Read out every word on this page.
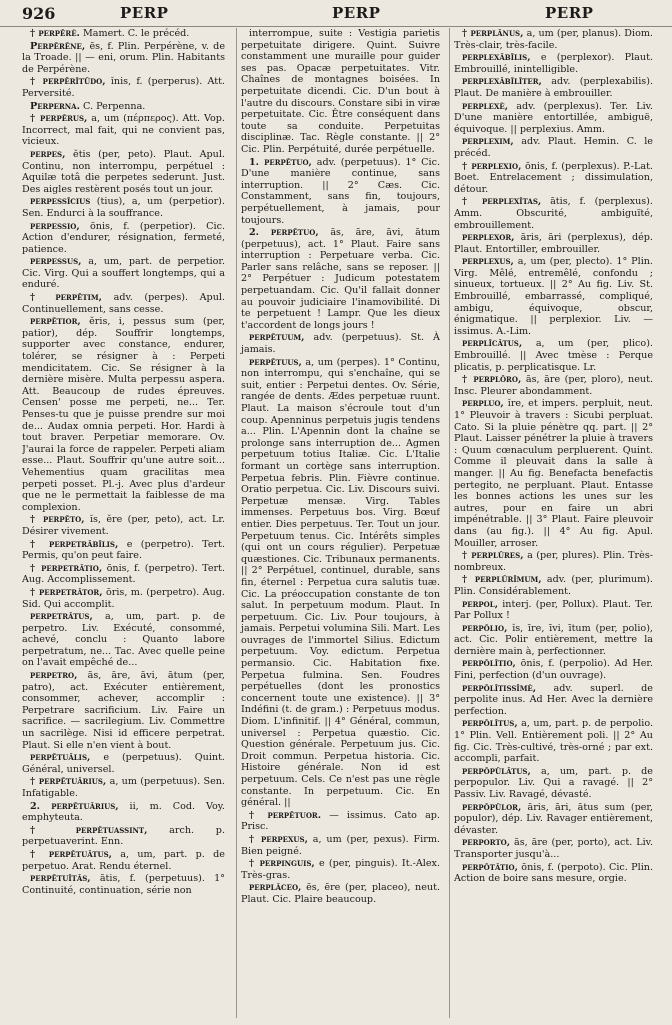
926	PERP	PERP	PERP

† perpĕrè. Mamert. C. le précéd.

Perpĕrēne, ēs, f. Plin. Perpérène, v. de la Troade. || — eni, orum. Plin. Habitants de Perpérène.

† perpĕrĭtūdo, ĭnis, f. (perperus). Att. Perversité.

Perperna. C. Perpenna.

† perpĕrus, a, um (πέρπερος). Att. Vop. Incorrect, mal fait, qui ne convient pas, vicieux.

perpes, ĕtis (per, peto). Plaut. Apul. Continu, non interrompu, perpétuel : Aquilæ totâ die perpetes sederunt. Just. Des aigles restèrent posés tout un jour.

perpessĭcius (tius), a, um (perpetior). Sen. Endurci à la souffrance.

perpessio, ōnis, f. (perpetior). Cic. Action d'endurer, résignation, fermeté, patience.

perpessus, a, um, part. de perpetior. Cic. Virg. Qui a souffert longtemps, qui a enduré.

† perpĕtim, adv. (perpes). Apul. Continuellement, sans cesse.

perpĕtior, ĕris, i, pessus sum (per, patior), dép. Souffrir longtemps, supporter avec constance, endurer, tolérer, se résigner à : Perpeti mendicitatem. Cic. Se résigner à la dernière misère. Multa perpessu aspera. Att. Beaucoup de rudes épreuves. Censen' posse me perpeti, ne... Ter. Penses-tu que je puisse prendre sur moi de... Audax omnia perpeti. Hor. Hardi à tout braver. Perpetiar memorare. Ov. J'aurai la force de rappeler. Perpeti aliam esse... Plaut. Souffrir qu'une autre soit... Vehementius quam gracilitas mea perpeti posset. Pl.-j. Avec plus d'ardeur que ne le permettait la faiblesse de ma complexion.

† perpĕto, ĭs, ĕre (per, peto), act. Lr. Désirer vivement.

† perpetrābĭlis, e (perpetro). Tert. Permis, qu'on peut faire.

† perpetrātio, ōnis, f. (perpetro). Tert. Aug. Accomplissement.

† perpetrātor, ōris, m. (perpetro). Aug. Sid. Qui accomplit.

perpetrātus, a, um, part. p. de perpetro. Liv. Exécuté, consommé, achevé, conclu : Quanto labore perpetratum, ne... Tac. Avec quelle peine on l'avait empêché de...

perpetro, ās, āre, āvi, ātum (per, patro), act. Exécuter entièrement, consommer, achever, accomplir : Perpetrare sacrificium. Liv. Faire un sacrifice. — sacrilegium. Liv. Commettre un sacrilège. Nisi id efficere perpetrat. Plaut. Si elle n'en vient à bout.

perpĕtuālis, e (perpetuus). Quint. Général, universel.

† perpĕtuārius, a, um (perpetuus). Sen. Infatigable.

2. perpĕtuārius, ii, m. Cod. Voy. emphyteuta.

† perpĕtuassint, arch. p. perpetuaverint. Enn.

† perpĕtuātus, a, um, part. p. de perpetuo. Arat. Rendu éternel.

perpĕtuĭtās, ātis, f. (perpetuus). 1° Continuité, continuation, série non

interrompue, suite : Vestigia parietis perpetuitate dirigere. Quint. Suivre constamment une muraille pour guider ses pas. Opacæ perpetuitates. Vitr. Chaînes de montagnes boisées. In perpetuitate dicendi. Cic. D'un bout à l'autre du discours. Constare sibi in viræ perpetuitate. Cic. Être conséquent dans toute sa conduite. Perpetuitas disciplinæ. Tac. Règle constante. || 2° Cic. Plin. Perpétuité, durée perpétuelle.

1. perpĕtuo, adv. (perpetuus). 1° Cic. D'une manière continue, sans interruption. || 2° Cæs. Cic. Constamment, sans fin, toujours, perpétuellement, à jamais, pour toujours.

2. perpĕtuo, ās, āre, āvi, ātum (perpetuus), act. 1° Plaut. Faire sans interruption : Perpetuare verba. Cic. Parler sans relâche, sans se reposer. || 2° Perpétuer : Judicum potestatem perpetuandam. Cic. Qu'il fallait donner au pouvoir judiciaire l'inamovibilité. Di te perpetuent ! Lampr. Que les dieux t'accordent de longs jours !

perpĕtuum, adv. (perpetuus). St. À jamais.

perpĕtuus, a, um (perpes). 1° Continu, non interrompu, qui s'enchaîne, qui se suit, entier : Perpetui dentes. Ov. Série, rangée de dents. Ædes perpetuæ ruunt. Plaut. La maison s'écroule tout d'un coup. Apenninus perpetuis jugis tendens a... Plin. L'Apennin dont la chaîne se prolonge sans interruption de... Agmen perpetuum totius Italiæ. Cic. L'Italie formant un cortège sans interruption. Perpetua febris. Plin. Fièvre continue. Oratio perpetua. Cic. Liv. Discours suivi. Perpetuæ mensæ. Virg. Tables immenses. Perpetuus bos. Virg. Bœuf entier. Dies perpetuus. Ter. Tout un jour. Perpetuum tenus. Cic. Intérêts simples (qui ont un cours régulier). Perpetuæ quæstiones. Cic. Tribunaux permanents. || 2° Perpétuel, continuel, durable, sans fin, éternel : Perpetua cura salutis tuæ. Cic. La préoccupation constante de ton salut. In perpetuum modum. Plaut. In perpetuum. Cic. Liv. Pour toujours, à jamais. Perpetui volumina Sili. Mart. Les ouvrages de l'immortel Silius. Edictum perpetuum. Voy. edictum. Perpetua permansio. Cic. Habitation fixe. Perpetua fulmina. Sen. Foudres perpétuelles (dont les pronostics concernent toute une existence). || 3° Indéfini (t. de gram.) : Perpetuus modus. Diom. L'infinitif. || 4° Général, commun, universel : Perpetua quæstio. Cic. Question générale. Perpetuum jus. Cic. Droit commun. Perpetua historia. Cic. Histoire générale. Non id est perpetuum. Cels. Ce n'est pas une règle constante. In perpetuum. Cic. En général. ||

† perpĕtuor. — issimus. Cato ap. Prisc.

† perpexus, a, um (per, pexus). Firm. Bien peigné.

† perpinguis, e (per, pinguis). It.-Alex. Très-gras.

perplăceo, ēs, ēre (per, placeo), neut. Plaut. Cic. Plaire beaucoup.

† perplānus, a, um (per, planus). Diom. Très-clair, très-facile.

perplexābĭlis, e (perplexor). Plaut. Embrouillé, inintelligible.

perplexābĭlĭter, adv. (perplexabilis). Plaut. De manière à embrouiller.

perplexè, adv. (perplexus). Ter. Liv. D'une manière entortillée, ambiguë, équivoque. || perplexius. Amm.

perplexim, adv. Plaut. Hemin. C. le précéd.

† perplexio, ōnis, f. (perplexus). P.-Lat. Boet. Entrelacement ; dissimulation, détour.

† perplexĭtas, ātis, f. (perplexus). Amm. Obscurité, ambiguïté, embrouillement.

perplexor, āris, āri (perplexus), dép. Plaut. Entortiller, embrouiller.

perplexus, a, um (per, plecto). 1° Plin. Virg. Mêlé, entremêlé, confondu ; sinueux, tortueux. || 2° Au fig. Liv. St. Embrouillé, embarrassé, compliqué, ambigu, équivoque, obscur, énigmatique. || perplexior. Liv. — issimus. A.-Lim.

perplĭcātus, a, um (per, plico). Embrouillé. || Avec tmèse : Perque plicatis, p. perplicatisque. Lr.

† perplōro, ās, āre (per, ploro), neut. Insc. Pleurer abondamment.

perpluo, ĭre, et impers. perpluit, neut. 1° Pleuvoir à travers : Sicubi perpluat. Cato. Si la pluie pénètre qq. part. || 2° Plaut. Laisser pénétrer la pluie à travers : Quum cœnaculum perpluerent. Quint. Comme il pleuvait dans la salle à manger. || Au fig. Benefacta benefactis pertegito, ne perpluant. Plaut. Entasse les bonnes actions les unes sur les autres, pour en faire un abri impénétrable. || 3° Plaut. Faire pleuvoir dans (au fig.). || 4° Au fig. Apul. Mouiller, arroser.

† perplūres, a (per, plures). Plin. Très-nombreux.

† perplūrĭmum, adv. (per, plurimum). Plin. Considérablement.

perpol, interj. (per, Pollux). Plaut. Ter. Par Pollux !

perpŏlio, ĭs, īre, īvi, ītum (per, polio), act. Cic. Polir entièrement, mettre la dernière main à, perfectionner.

perpŏlītio, ōnis, f. (perpolio). Ad Her. Fini, perfection (d'un ouvrage).

perpŏlītissĭmè, adv. superl. de perpolite inus. Ad Her. Avec la dernière perfection.

perpŏlītus, a, um, part. p. de perpolio. 1° Plin. Vell. Entièrement poli. || 2° Au fig. Cic. Très-cultivé, très-orné ; par ext. accompli, parfait.

perpŏpŭlātus, a, um, part. p. de perpopulor. Liv. Qui a ravagé. || 2° Passiv. Liv. Ravagé, dévasté.

perpŏpŭlor, āris, āri, ātus sum (per, populor), dép. Liv. Ravager entièrement, dévaster.

perporto, ās, āre (per, porto), act. Liv. Transporter jusqu'à...

perpōtātio, ōnis, f. (perpoto). Cic. Plin. Action de boire sans mesure, orgie.
